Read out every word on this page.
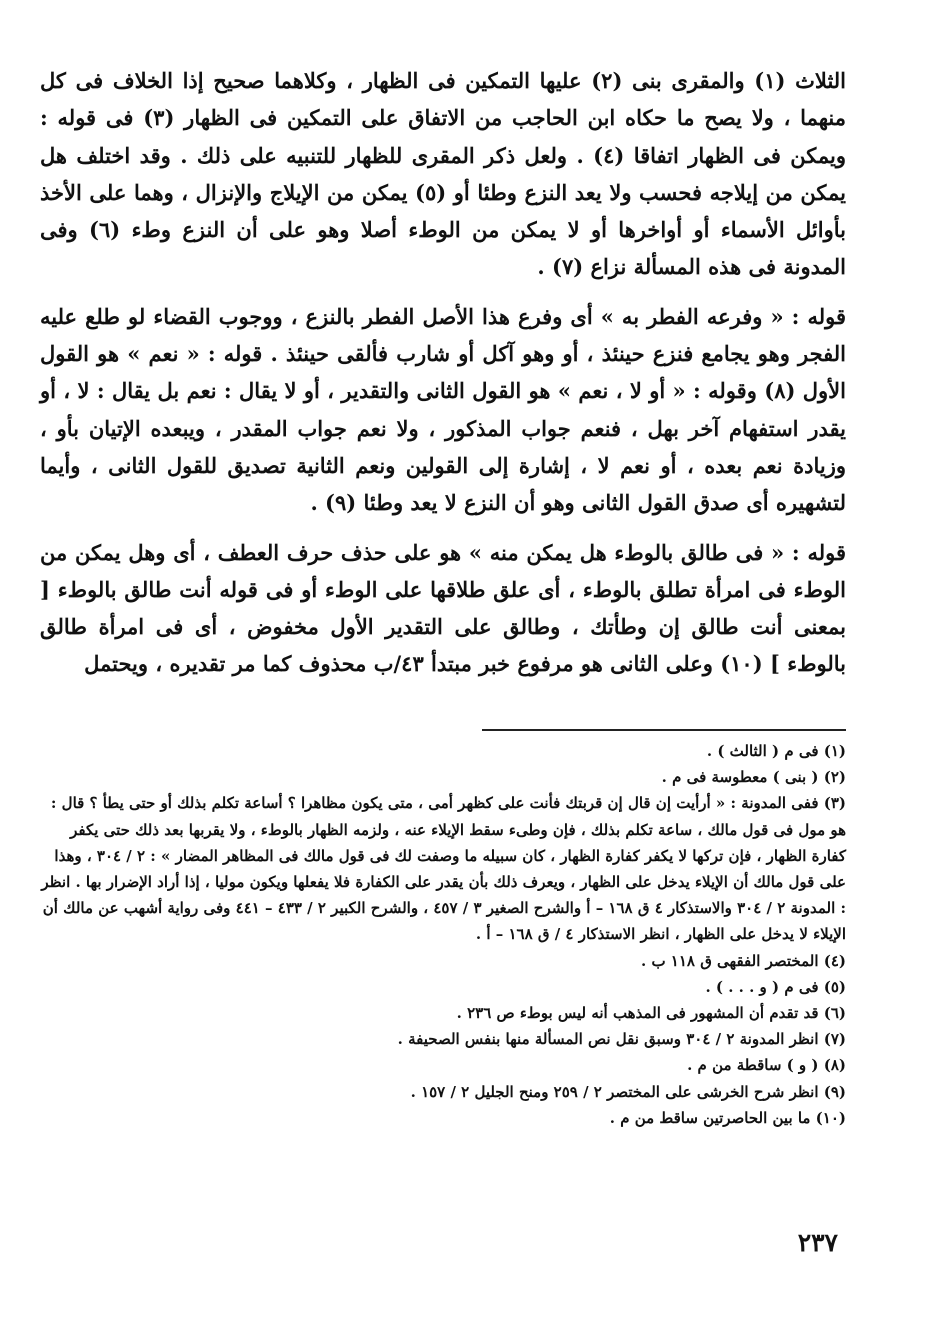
الثلاث (١) والمقرى بنى (٢) عليها التمكين فى الظهار ، وكلاهما صحيح إذا الخلاف فى كل منهما ، ولا يصح ما حكاه ابن الحاجب من الاتفاق على التمكين فى الظهار (٣) فى قوله : ويمكن فى الظهار اتفاقا (٤) . ولعل ذكر المقرى للظهار للتنبيه على ذلك . وقد اختلف هل يمكن من إيلاجه فحسب ولا يعد النزع وطئا أو (٥) يمكن من الإيلاج والإنزال ، وهما على الأخذ بأوائل الأسماء أو أواخرها أو لا يمكن من الوطء أصلا وهو على أن النزع وطء (٦) وفى المدونة فى هذه المسألة نزاع (٧) .

قوله : « وفرعه الفطر به » أى وفرع هذا الأصل الفطر بالنزع ، ووجوب القضاء لو طلع عليه الفجر وهو يجامع فنزع حينئذ ، أو وهو آكل أو شارب فألقى حينئذ . قوله : « نعم » هو القول الأول (٨) وقوله : « أو لا ، نعم » هو القول الثانى والتقدير ، أو لا يقال : نعم بل يقال : لا ، أو يقدر استفهام آخر بهل ، فنعم جواب المذكور ، ولا نعم جواب المقدر ، ويبعده الإتيان بأو ، وزيادة نعم بعده ، أو نعم لا ، إشارة إلى القولين ونعم الثانية تصديق للقول الثانى ، وأيما لتشهيره أى صدق القول الثانى وهو أن النزع لا يعد وطئا (٩) .

قوله : « فى طالق بالوطء هل يمكن منه » هو على حذف حرف العطف ، أى وهل يمكن من الوطء فى امرأة تطلق بالوطء ، أى علق طلاقها على الوطء أو فى قوله أنت طالق بالوطء [ بمعنى أنت طالق إن وطأتك ، وطالق على التقدير الأول مخفوض ، أى فى امرأة طالق بالوطء ] (١٠) وعلى الثانى هو مرفوع خبر مبتدأ ٤٣/ب محذوف كما مر تقديره ، ويحتمل

(١) فى م ( الثالث ) .

(٢) ( بنى ) معطوسة فى م .

(٣) ففى المدونة : « أرأيت إن قال إن قربتك فأنت على كظهر أمى ، متى يكون مظاهرا ؟ أساعة تكلم بذلك أو حتى يطأ ؟ قال : هو مول فى قول مالك ، ساعة تكلم بذلك ، فإن وطىء سقط الإيلاء عنه ، ولزمه الظهار بالوطء ، ولا يقربها بعد ذلك حتى يكفر كفارة الظهار ، فإن تركها لا يكفر كفارة الظهار ، كان سبيله ما وصفت لك فى قول مالك فى المظاهر المضار » : ٢ / ٣٠٤ ، وهذا على قول مالك أن الإيلاء يدخل على الظهار ، ويعرف ذلك بأن يقدر على الكفارة فلا يفعلها ويكون موليا ، إذا أراد الإضرار بها . انظر : المدونة ٢ / ٣٠٤ والاستذكار ٤ ق ١٦٨ – أ والشرح الصغير ٣ / ٤٥٧ ، والشرح الكبير ٢ / ٤٣٣ – ٤٤١ وفى رواية أشهب عن مالك أن الإيلاء لا يدخل على الظهار ، انظر الاستذكار ٤ / ق ١٦٨ – أ .

(٤) المختصر الفقهى ق ١١٨ ب .

(٥) فى م ( و . . . ) .

(٦) قد تقدم أن المشهور فى المذهب أنه ليس بوطء ص ٢٣٦ .

(٧) انظر المدونة ٢ / ٣٠٤ وسبق نقل نص المسألة منها بنفس الصحيفة .

(٨) ( و ) ساقطة من م .

(٩) انظر شرح الخرشى على المختصر ٢ / ٢٥٩ ومنح الجليل ٢ / ١٥٧ .

(١٠) ما بين الحاصرتين ساقط من م .

٢٣٧
